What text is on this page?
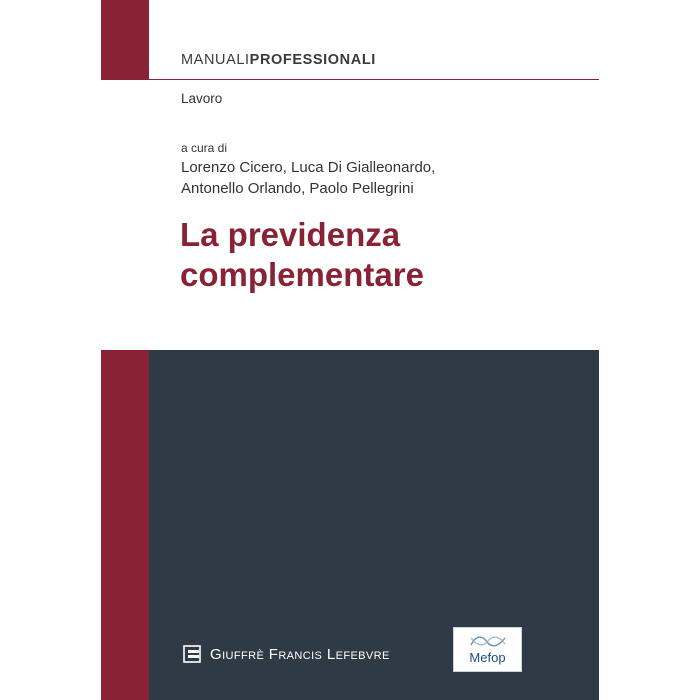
MANUALIPROFESSIONALI
Lavoro
a cura di
Lorenzo Cicero, Luca Di Gialleonardo,
Antonello Orlando, Paolo Pellegrini
La previdenza
complementare
Giuffrè Francis Lefebvre	Mefop
